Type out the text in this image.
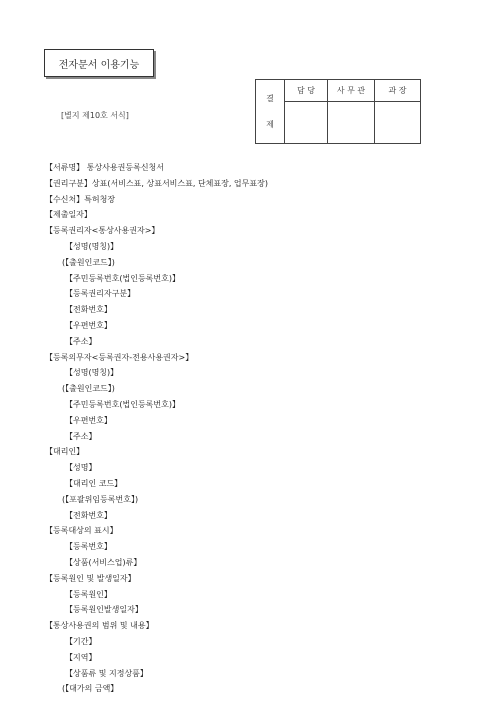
전자문서 이용기능
[별지 제10호 서식]
결
제	담 당	사 무 관	과 장

【서류명】 통상사용권등록신청서
【권리구분】상표(서비스표, 상표서비스표, 단체표장, 업무표장)
【수신처】특허청장
【제출일자】
【등록권리자<통상사용권자>】
【성명(명칭)】
(【출원인코드】)
【주민등록번호(법인등록번호)】
【등록권리자구분】
【전화번호】
【우편번호】
【주소】
【등록의무자<등록권자-전용사용권자>】
【성명(명칭)】
(【출원인코드】)
【주민등록번호(법인등록번호)】
【우편번호】
【주소】
【대리인】
【성명】
【대리인 코드】
(【포괄위임등록번호】)
【전화번호】
【등록대상의 표시】
【등록번호】
【상품(서비스업)류】
【등록원인 및 발생일자】
【등록원인】
【등록원인발생일자】
【통상사용권의 범위 및 내용】
【기간】
【지역】
【상품류 및 지정상품】
(【대가의 금액】
